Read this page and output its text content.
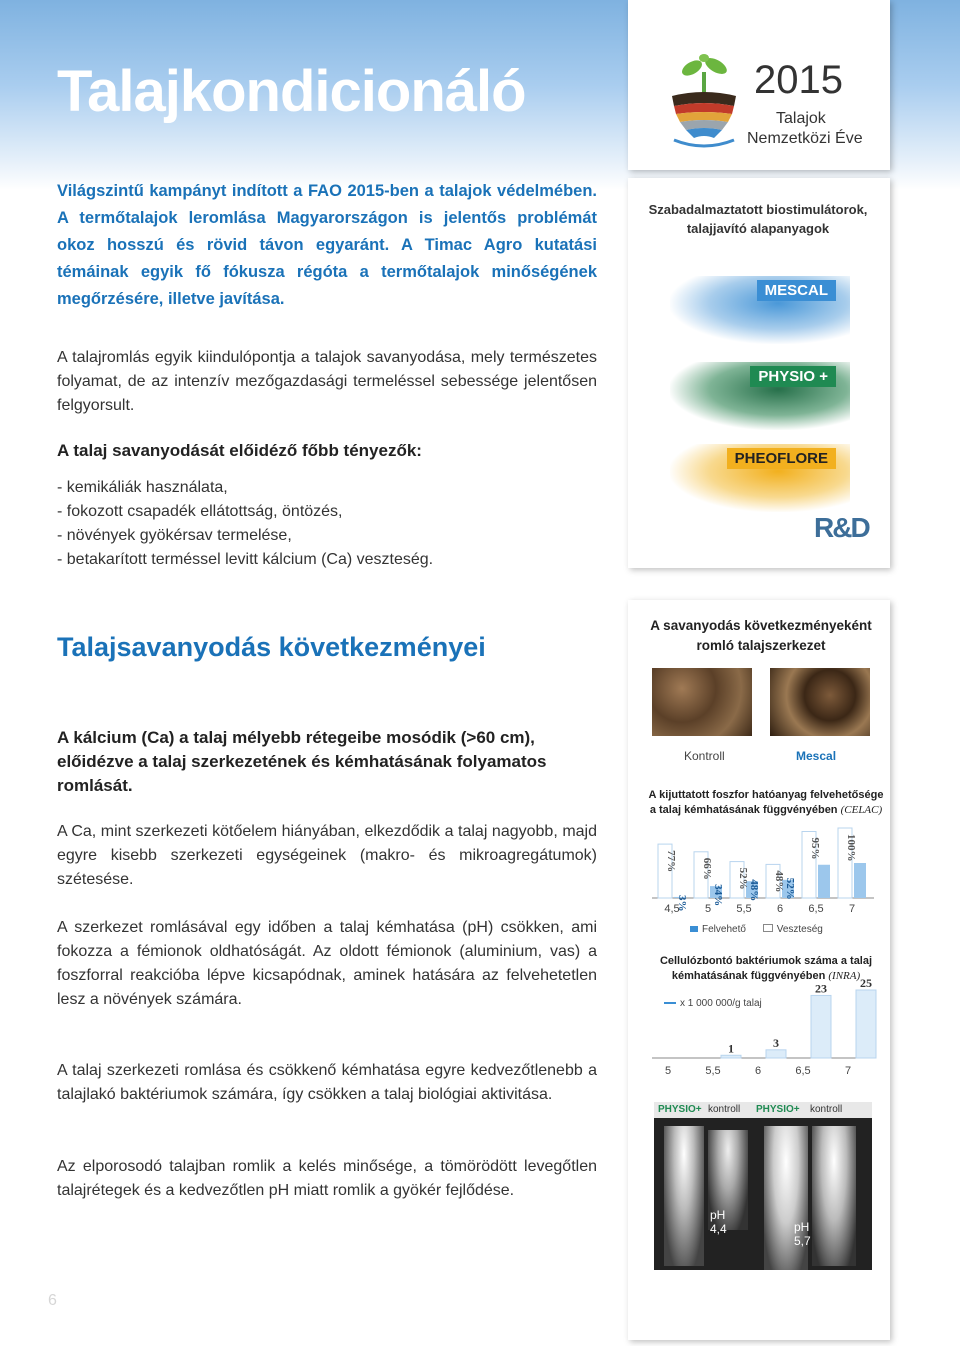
Talajkondicionáló

Világszintű kampányt indított a FAO 2015-ben a talajok védelmében. A termőtalajok leromlása Magyarországon is jelentős problémát okoz hosszú és rövid távon egyaránt. A Timac Agro kutatási témáinak egyik fő fókusza régóta a termőtalajok minőségének megőrzésére, illetve javítása.

A talajromlás egyik kiindulópontja a talajok savanyodása, mely természetes folyamat, de az intenzív mezőgazdasági termeléssel sebessége jelentősen felgyorsult.

A talaj savanyodását előidéző főbb tényezők:
- kemikáliák használata,
- fokozott csapadék ellátottság, öntözés,
- növények gyökérsav termelése,
- betakarított terméssel levitt kálcium (Ca) veszteség.
Talajsavanyodás következményei

A kálcium (Ca) a talaj mélyebb rétegeibe mosódik (>60 cm), előidézve a talaj szerkezetének és kémhatásának folyamatos romlását.

A Ca, mint szerkezeti kötőelem hiányában, elkezdődik a talaj nagyobb, majd egyre kisebb szerkezeti egységeinek (makro- és mikroagregátumok) szétesése.

A szerkezet romlásával egy időben a talaj kémhatása (pH) csökken, ami fokozza a fémionok oldhatóságát. Az oldott fémionok (aluminium, vas) a foszforral reakcióba lépve kicsapódnak, aminek hatására az felvehetetlen lesz a növények számára.

A talaj szerkezeti romlása és csökkenő kémhatása egyre kedvezőtlenebb a talajlakó baktériumok számára, így csökken a talaj biológiai aktivitása.

Az elporosodó talajban romlik a kelés minősége, a tömörödött levegőtlen talajrétegek és a kedvezőtlen pH miatt romlik a gyökér fejlődése.

6
2015
Talajok
Nemzetközi Éve
Szabadalmaztatott biostimulátorok, talajjavító alapanyagok
MESCAL
PHYSIO +
PHEOFLORE
R&D
A savanyodás következményeként romló talajszerkezet
Kontroll	Mescal
A kijuttatott foszfor hatóanyag felvehetősége a talaj kémhatásának függvényében (CELAC)
77%
3%
4,5
66%
34%
5
52%
48%
5,5
48% 52%
6
95%
6,5
100%
7
Felvehető	Veszteség
Cellulózbontó baktériumok száma a talaj kémhatásának függvényében (INRA)
x 1 000 000/g talaj
5
1
5,5
3
6
23
6,5
25
7
PHYSIO+ kontroll PHYSIO+ kontroll
pH
4,4	pH
5,7
